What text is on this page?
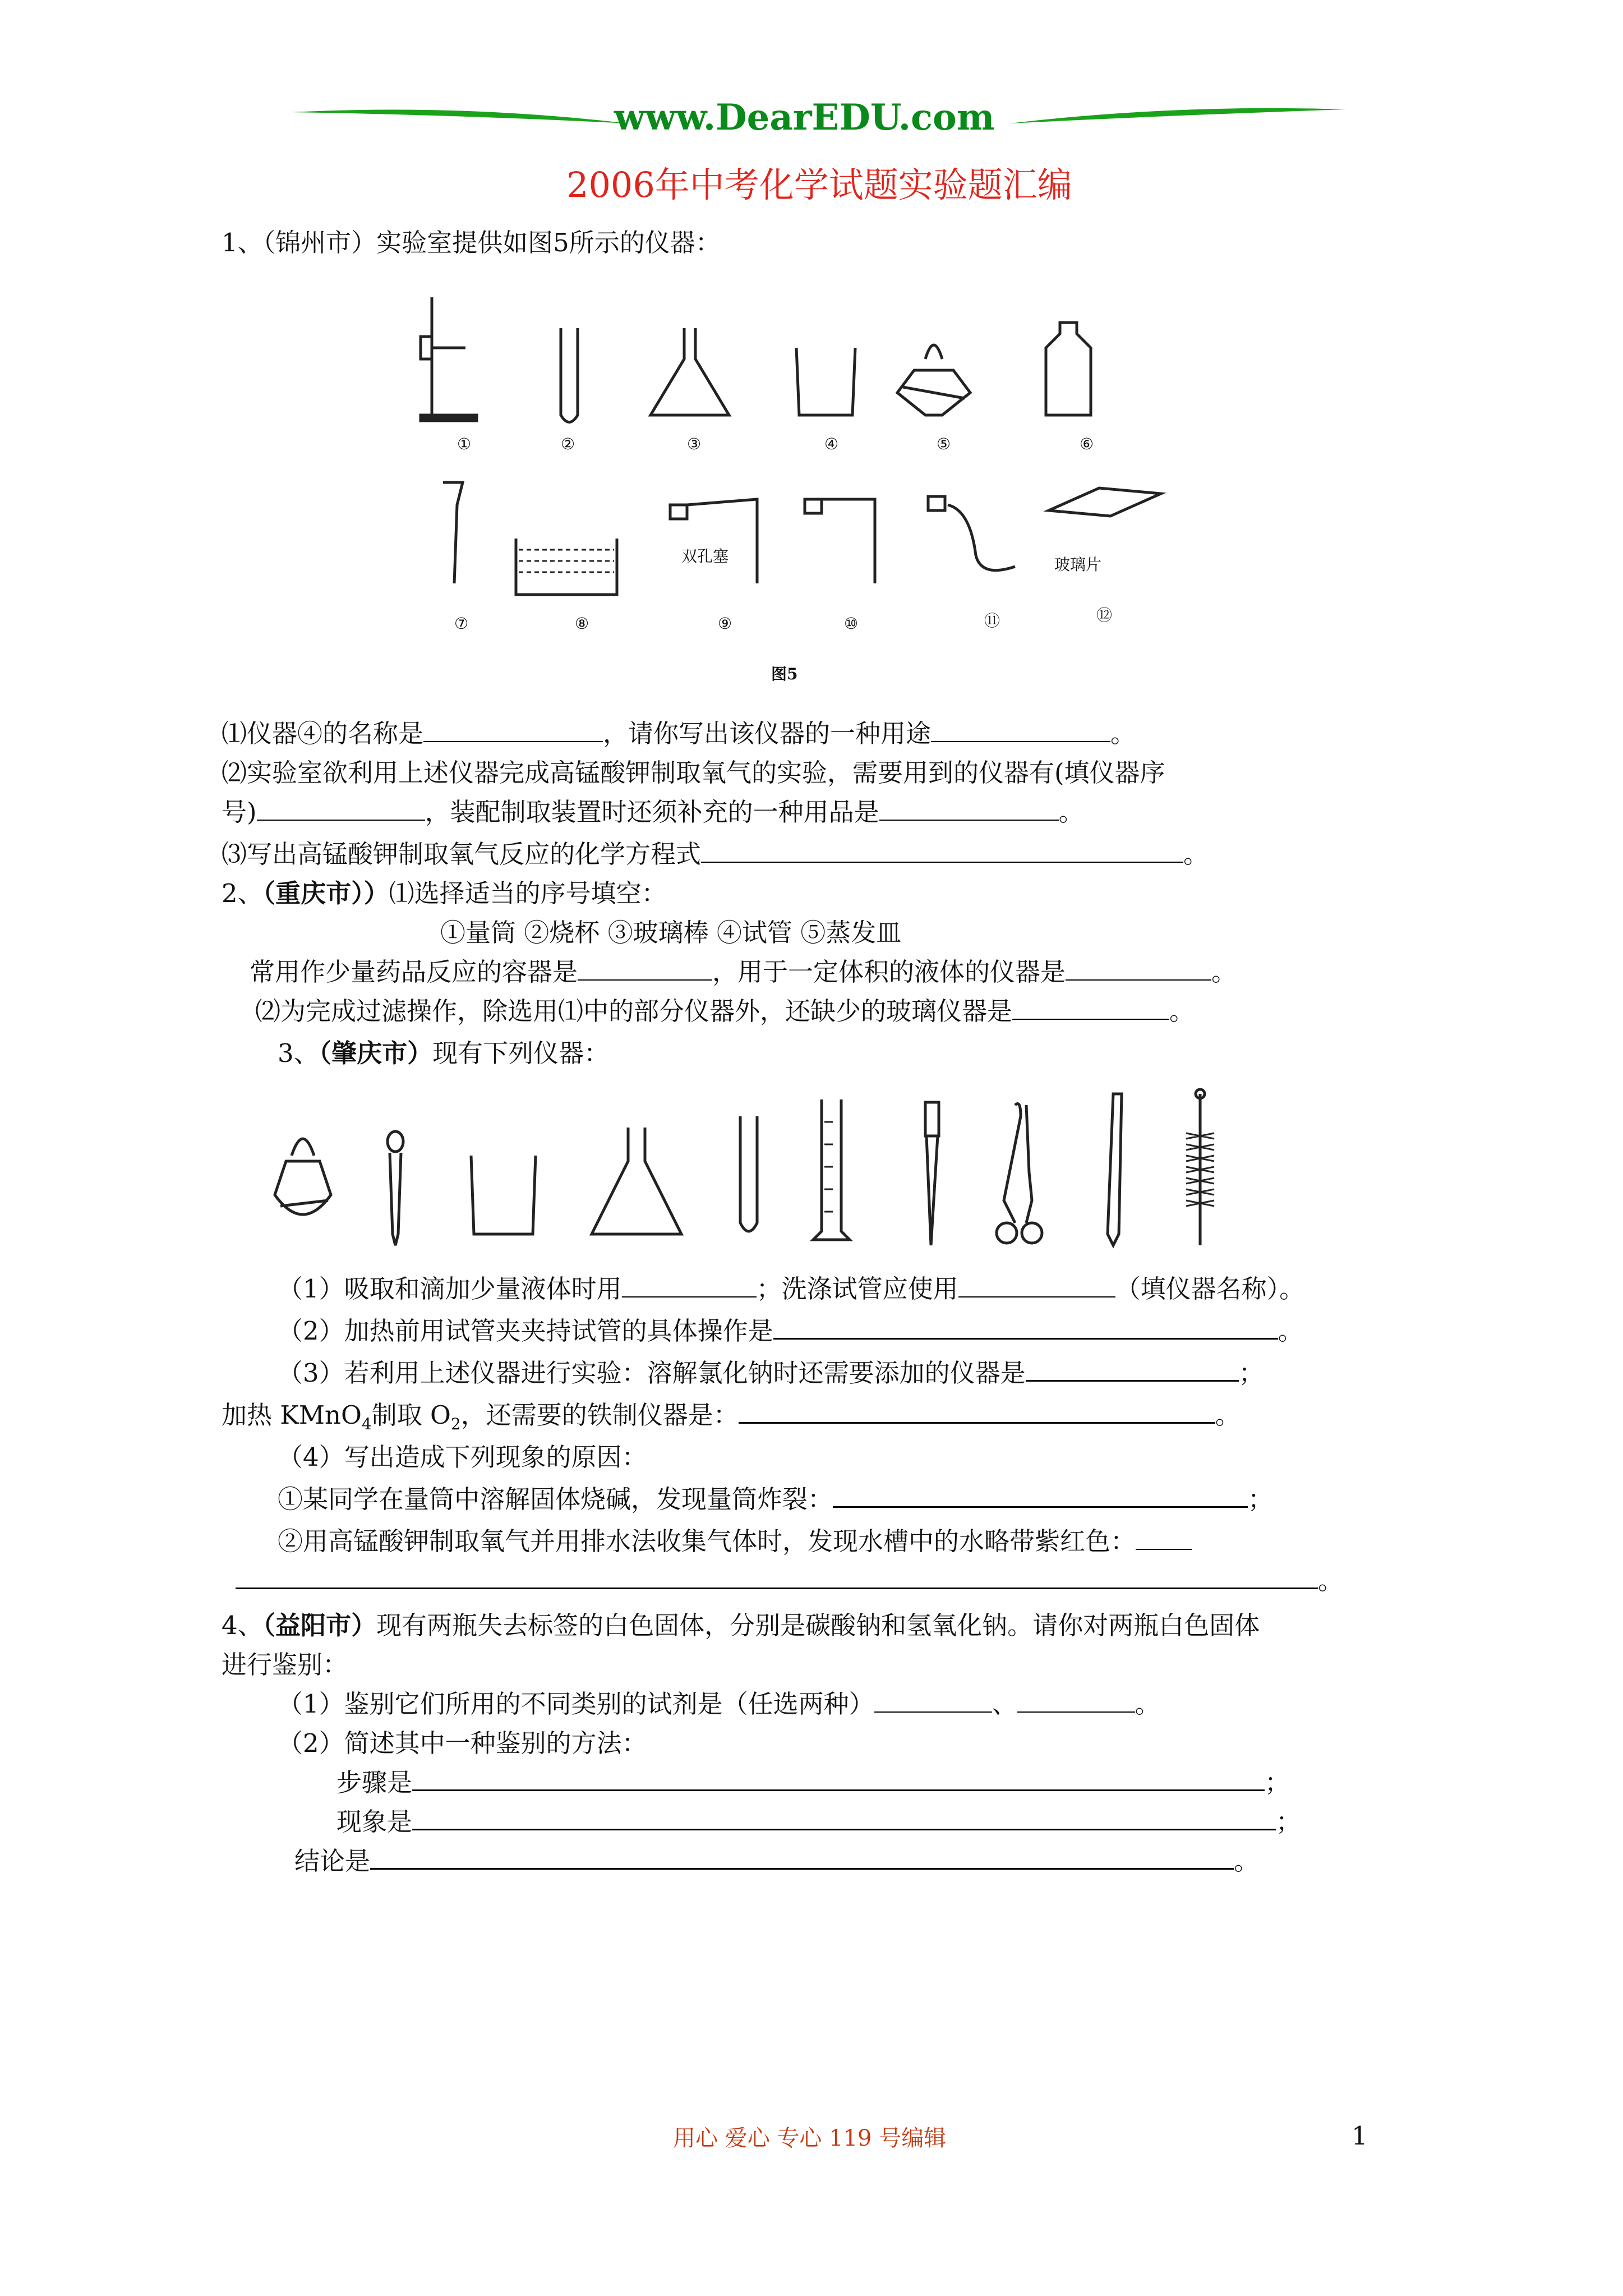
www.DearEDU.com
2006年中考化学试题实验题汇编
1、（锦州市）实验室提供如图5所示的仪器：
①	②	③	④	⑤	⑥
⑦	⑧	⑨	⑩	⑪	⑫
双孔塞	玻璃片
图5
⑴仪器④的名称是	，请你写出该仪器的一种用途	。
⑵实验室欲利用上述仪器完成高锰酸钾制取氧气的实验，需要用到的仪器有(填仪器序
号)	，装配制取装置时还须补充的一种用品是	。
⑶写出高锰酸钾制取氧气反应的化学方程式	。
2、（重庆市））⑴选择适当的序号填空：
①量筒 ②烧杯 ③玻璃棒 ④试管 ⑤蒸发皿
常用作少量药品反应的容器是	，用于一定体积的液体的仪器是	。
⑵为完成过滤操作，除选用⑴中的部分仪器外，还缺少的玻璃仪器是	。
3、（肇庆市）现有下列仪器：
（1）吸取和滴加少量液体时用	；洗涤试管应使用	（填仪器名称）。
（2）加热前用试管夹夹持试管的具体操作是	。
（3）若利用上述仪器进行实验：溶解氯化钠时还需要添加的仪器是	；
加热 KMnO$_4$制取 $O_2$，还需要的铁制仪器是：	。
（4）写出造成下列现象的原因：
①某同学在量筒中溶解固体烧碱，发现量筒炸裂：	；
②用高锰酸钾制取氧气并用排水法收集气体时，发现水槽中的水略带紫红色：
。
4、（益阳市）现有两瓶失去标签的白色固体，分别是碳酸钠和氢氧化钠。请你对两瓶白色固体
进行鉴别：
（1）鉴别它们所用的不同类别的试剂是（任选两种）	、	。
（2）简述其中一种鉴别的方法：
步骤是	；
现象是	；
结论是	。
用心 爱心 专心 119 号编辑	1
